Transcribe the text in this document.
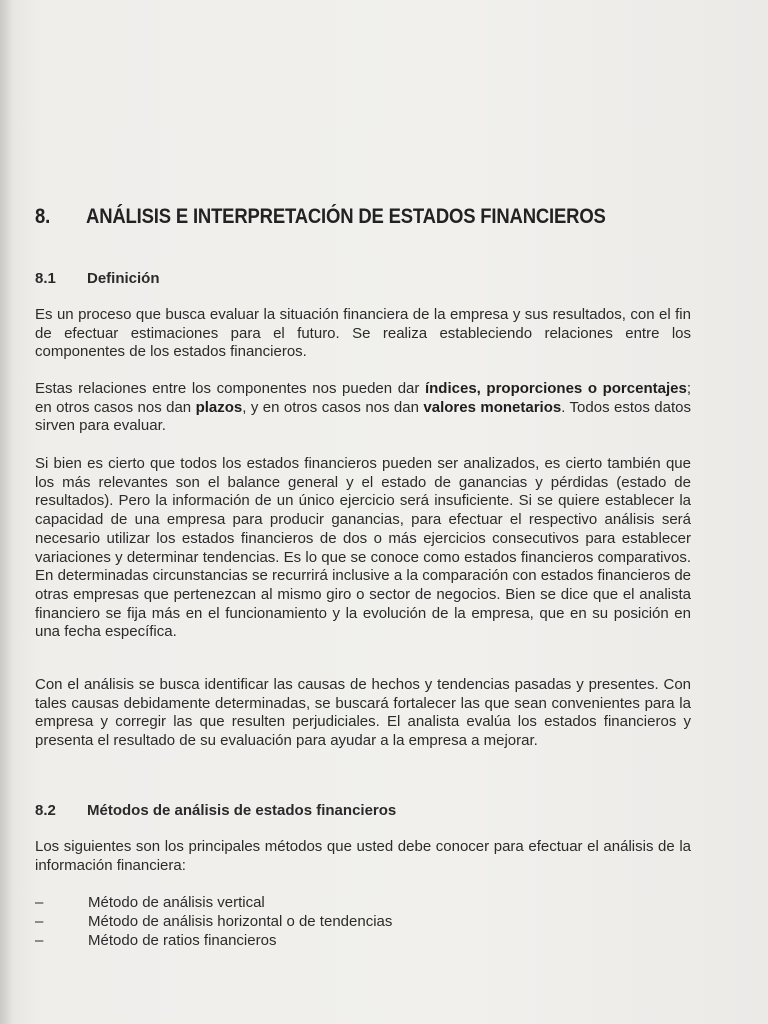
8. ANÁLISIS E INTERPRETACIÓN DE ESTADOS FINANCIEROS
8.1 Definición
Es un proceso que busca evaluar la situación financiera de la empresa y sus resultados, con el fin de efectuar estimaciones para el futuro. Se realiza estableciendo relaciones entre los componentes de los estados financieros.
Estas relaciones entre los componentes nos pueden dar índices, proporciones o porcentajes; en otros casos nos dan plazos, y en otros casos nos dan valores monetarios. Todos estos datos sirven para evaluar.
Si bien es cierto que todos los estados financieros pueden ser analizados, es cierto también que los más relevantes son el balance general y el estado de ganancias y pérdidas (estado de resultados). Pero la información de un único ejercicio será insuficiente. Si se quiere establecer la capacidad de una empresa para producir ganancias, para efectuar el respectivo análisis será necesario utilizar los estados financieros de dos o más ejercicios consecutivos para establecer variaciones y determinar tendencias. Es lo que se conoce como estados financieros comparativos. En determinadas circunstancias se recurrirá inclusive a la comparación con estados financieros de otras empresas que pertenezcan al mismo giro o sector de negocios. Bien se dice que el analista financiero se fija más en el funcionamiento y la evolución de la empresa, que en su posición en una fecha específica.
Con el análisis se busca identificar las causas de hechos y tendencias pasadas y presentes. Con tales causas debidamente determinadas, se buscará fortalecer las que sean convenientes para la empresa y corregir las que resulten perjudiciales. El analista evalúa los estados financieros y presenta el resultado de su evaluación para ayudar a la empresa a mejorar.
8.2 Métodos de análisis de estados financieros
Los siguientes son los principales métodos que usted debe conocer para efectuar el análisis de la información financiera:
–	Método de análisis vertical
–	Método de análisis horizontal o de tendencias
–	Método de ratios financieros
